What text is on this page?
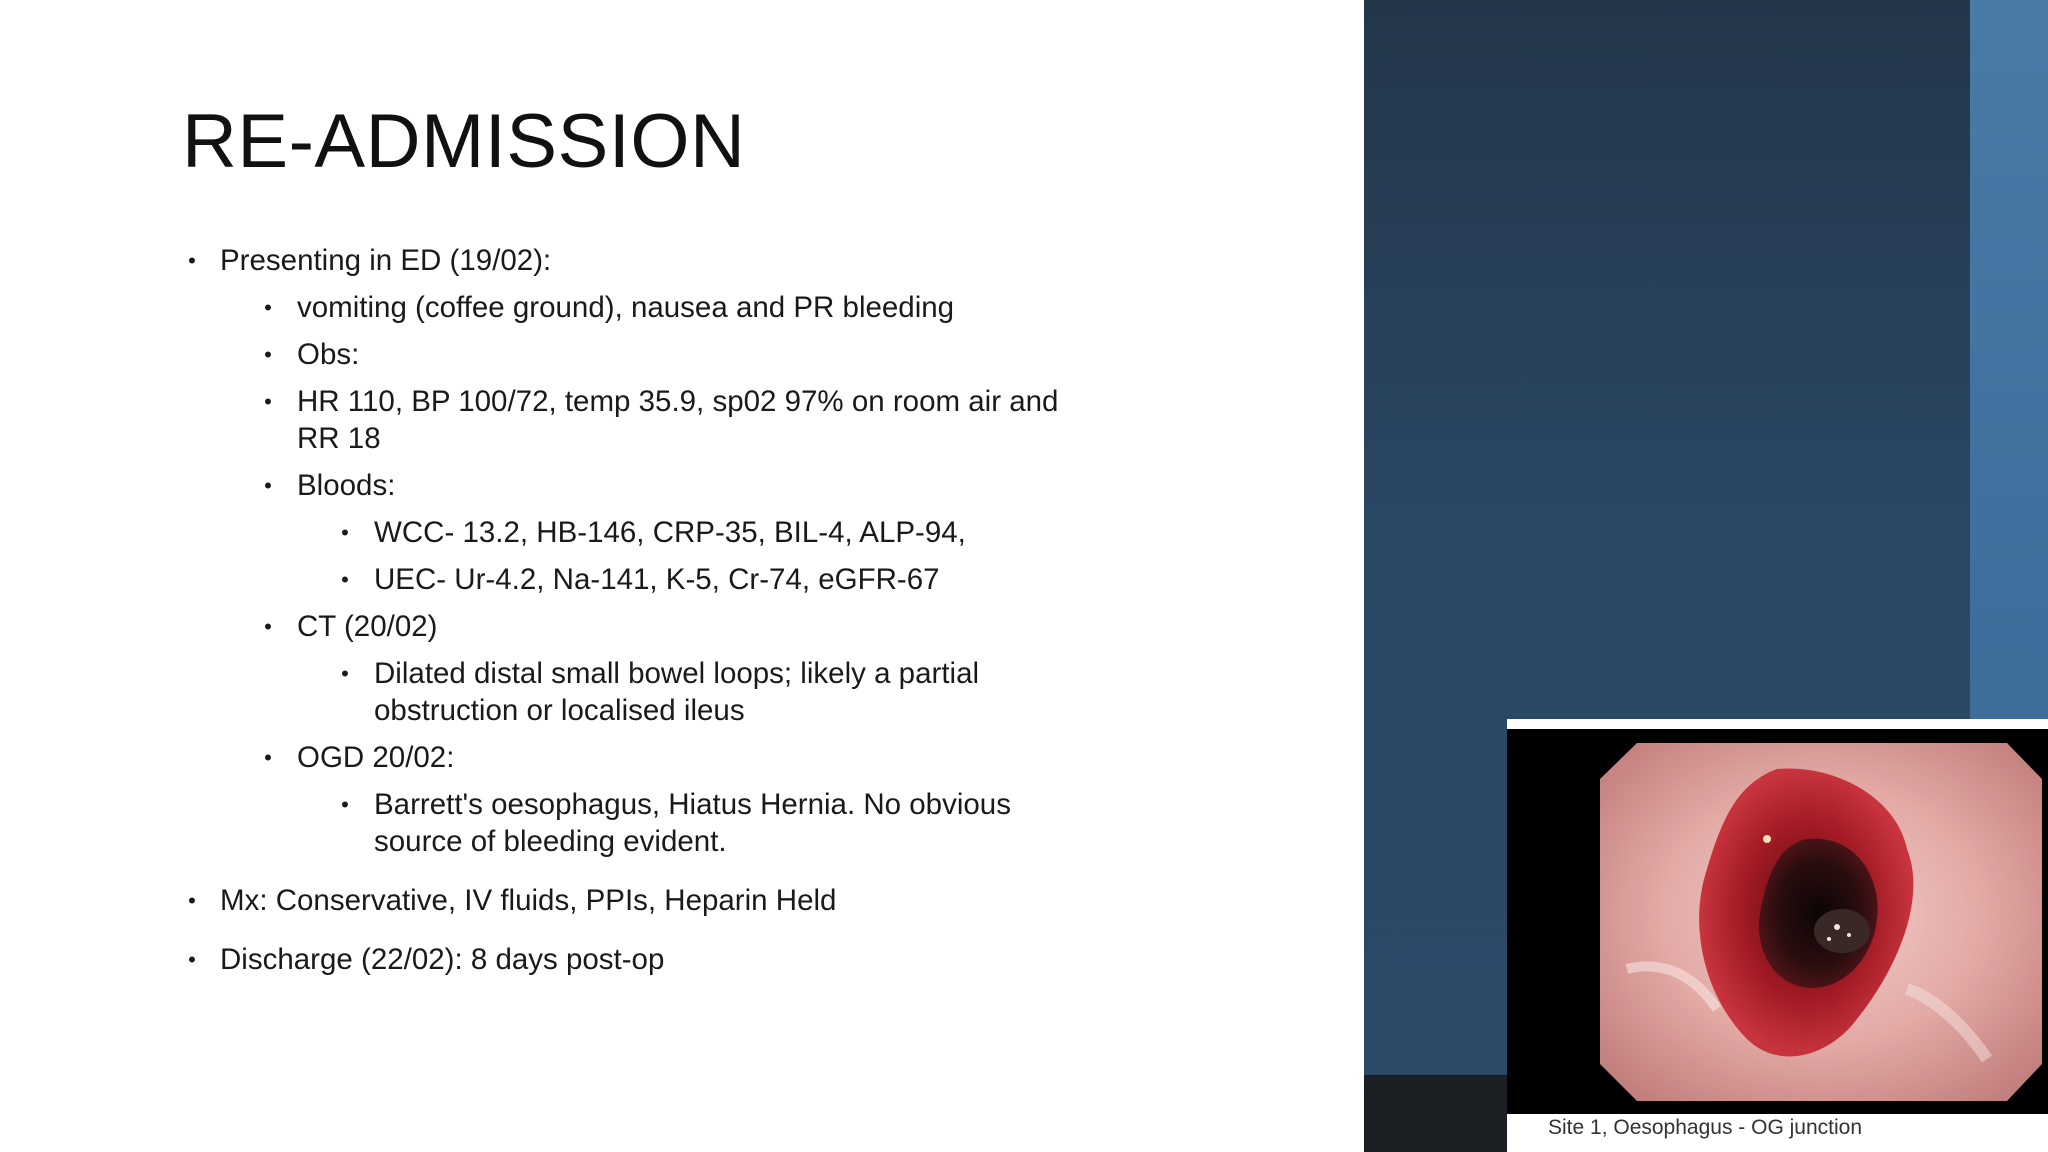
RE-ADMISSION
• Presenting in ED (19/02):
• vomiting (coffee ground), nausea and PR bleeding
• Obs:
• HR 110, BP 100/72, temp 35.9, sp02 97% on room air and RR 18
• Bloods:
• WCC- 13.2, HB-146, CRP-35, BIL-4, ALP-94,
• UEC- Ur-4.2, Na-141, K-5, Cr-74, eGFR-67
• CT (20/02)
• Dilated distal small bowel loops; likely a partial obstruction or localised ileus
• OGD 20/02:
• Barrett's oesophagus, Hiatus Hernia. No obvious source of bleeding evident.
• Mx: Conservative, IV fluids, PPIs, Heparin Held
• Discharge (22/02): 8 days post-op
Site 1, Oesophagus - OG junction
